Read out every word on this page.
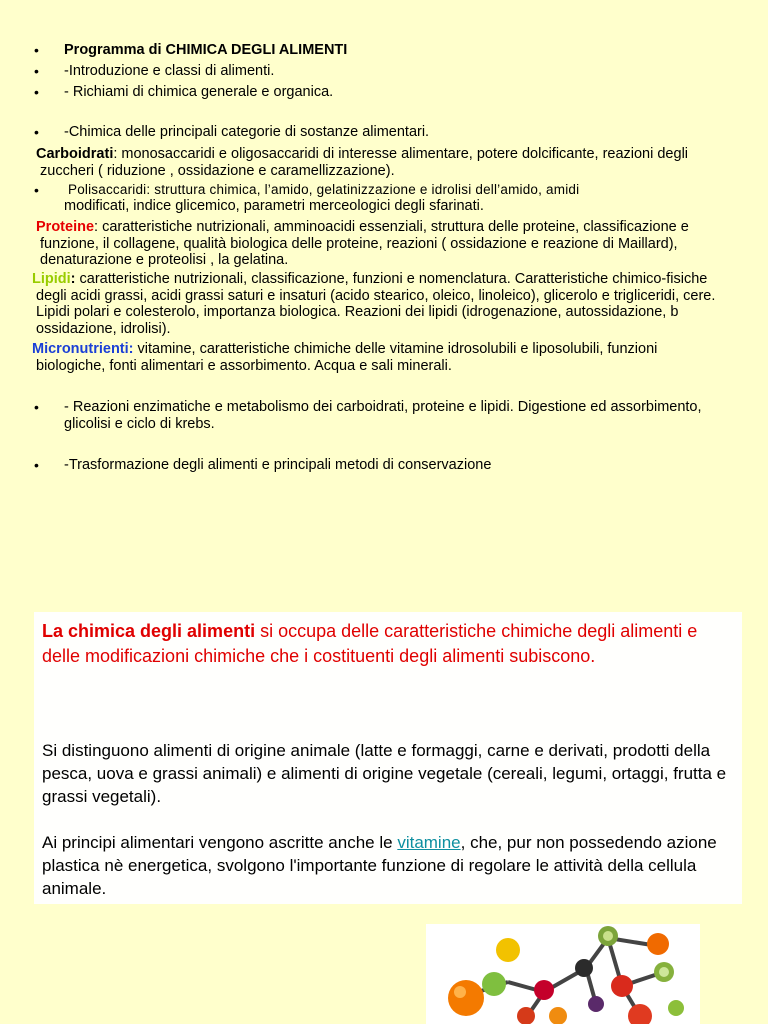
• Programma di CHIMICA DEGLI ALIMENTI
• -Introduzione e classi di alimenti.
• - Richiami di chimica generale e organica.
• -Chimica delle principali categorie di sostanze alimentari.
Carboidrati: monosaccaridi e oligosaccaridi di interesse alimentare, potere dolcificante, reazioni degli zuccheri ( riduzione , ossidazione e caramellizzazione).
• Polisaccaridi: struttura chimica, l’amido, gelatinizzazione e idrolisi dell’amido, amidi
modificati, indice glicemico, parametri merceologici degli sfarinati.
Proteine: caratteristiche nutrizionali, amminoacidi essenziali, struttura delle proteine, classificazione e funzione, il collagene, qualità biologica delle proteine, reazioni ( ossidazione e reazione di Maillard), denaturazione e proteolisi , la gelatina.
Lipidi: caratteristiche nutrizionali, classificazione, funzioni e nomenclatura. Caratteristiche chimico-fisiche degli acidi grassi, acidi grassi saturi e insaturi (acido stearico, oleico, linoleico), glicerolo e trigliceridi, cere. Lipidi polari e colesterolo, importanza biologica. Reazioni dei lipidi (idrogenazione, autossidazione, b ossidazione, idrolisi).
Micronutrienti: vitamine, caratteristiche chimiche delle vitamine idrosolubili e liposolubili, funzioni biologiche, fonti alimentari e assorbimento. Acqua e sali minerali.
• - Reazioni enzimatiche e metabolismo dei carboidrati, proteine e lipidi. Digestione ed assorbimento, glicolisi e ciclo di krebs.
• -Trasformazione degli alimenti e principali metodi di conservazione

La chimica degli alimenti si occupa delle caratteristiche chimiche degli alimenti e delle modificazioni chimiche che i costituenti degli alimenti subiscono.

Si distinguono alimenti di origine animale (latte e formaggi, carne e derivati, prodotti della pesca, uova e grassi animali) e alimenti di origine vegetale (cereali, legumi, ortaggi, frutta e grassi vegetali).

Ai principi alimentari vengono ascritte anche le vitamine, che, pur non possedendo azione plastica nè energetica, svolgono l'importante funzione di regolare le attività della cellula animale.
